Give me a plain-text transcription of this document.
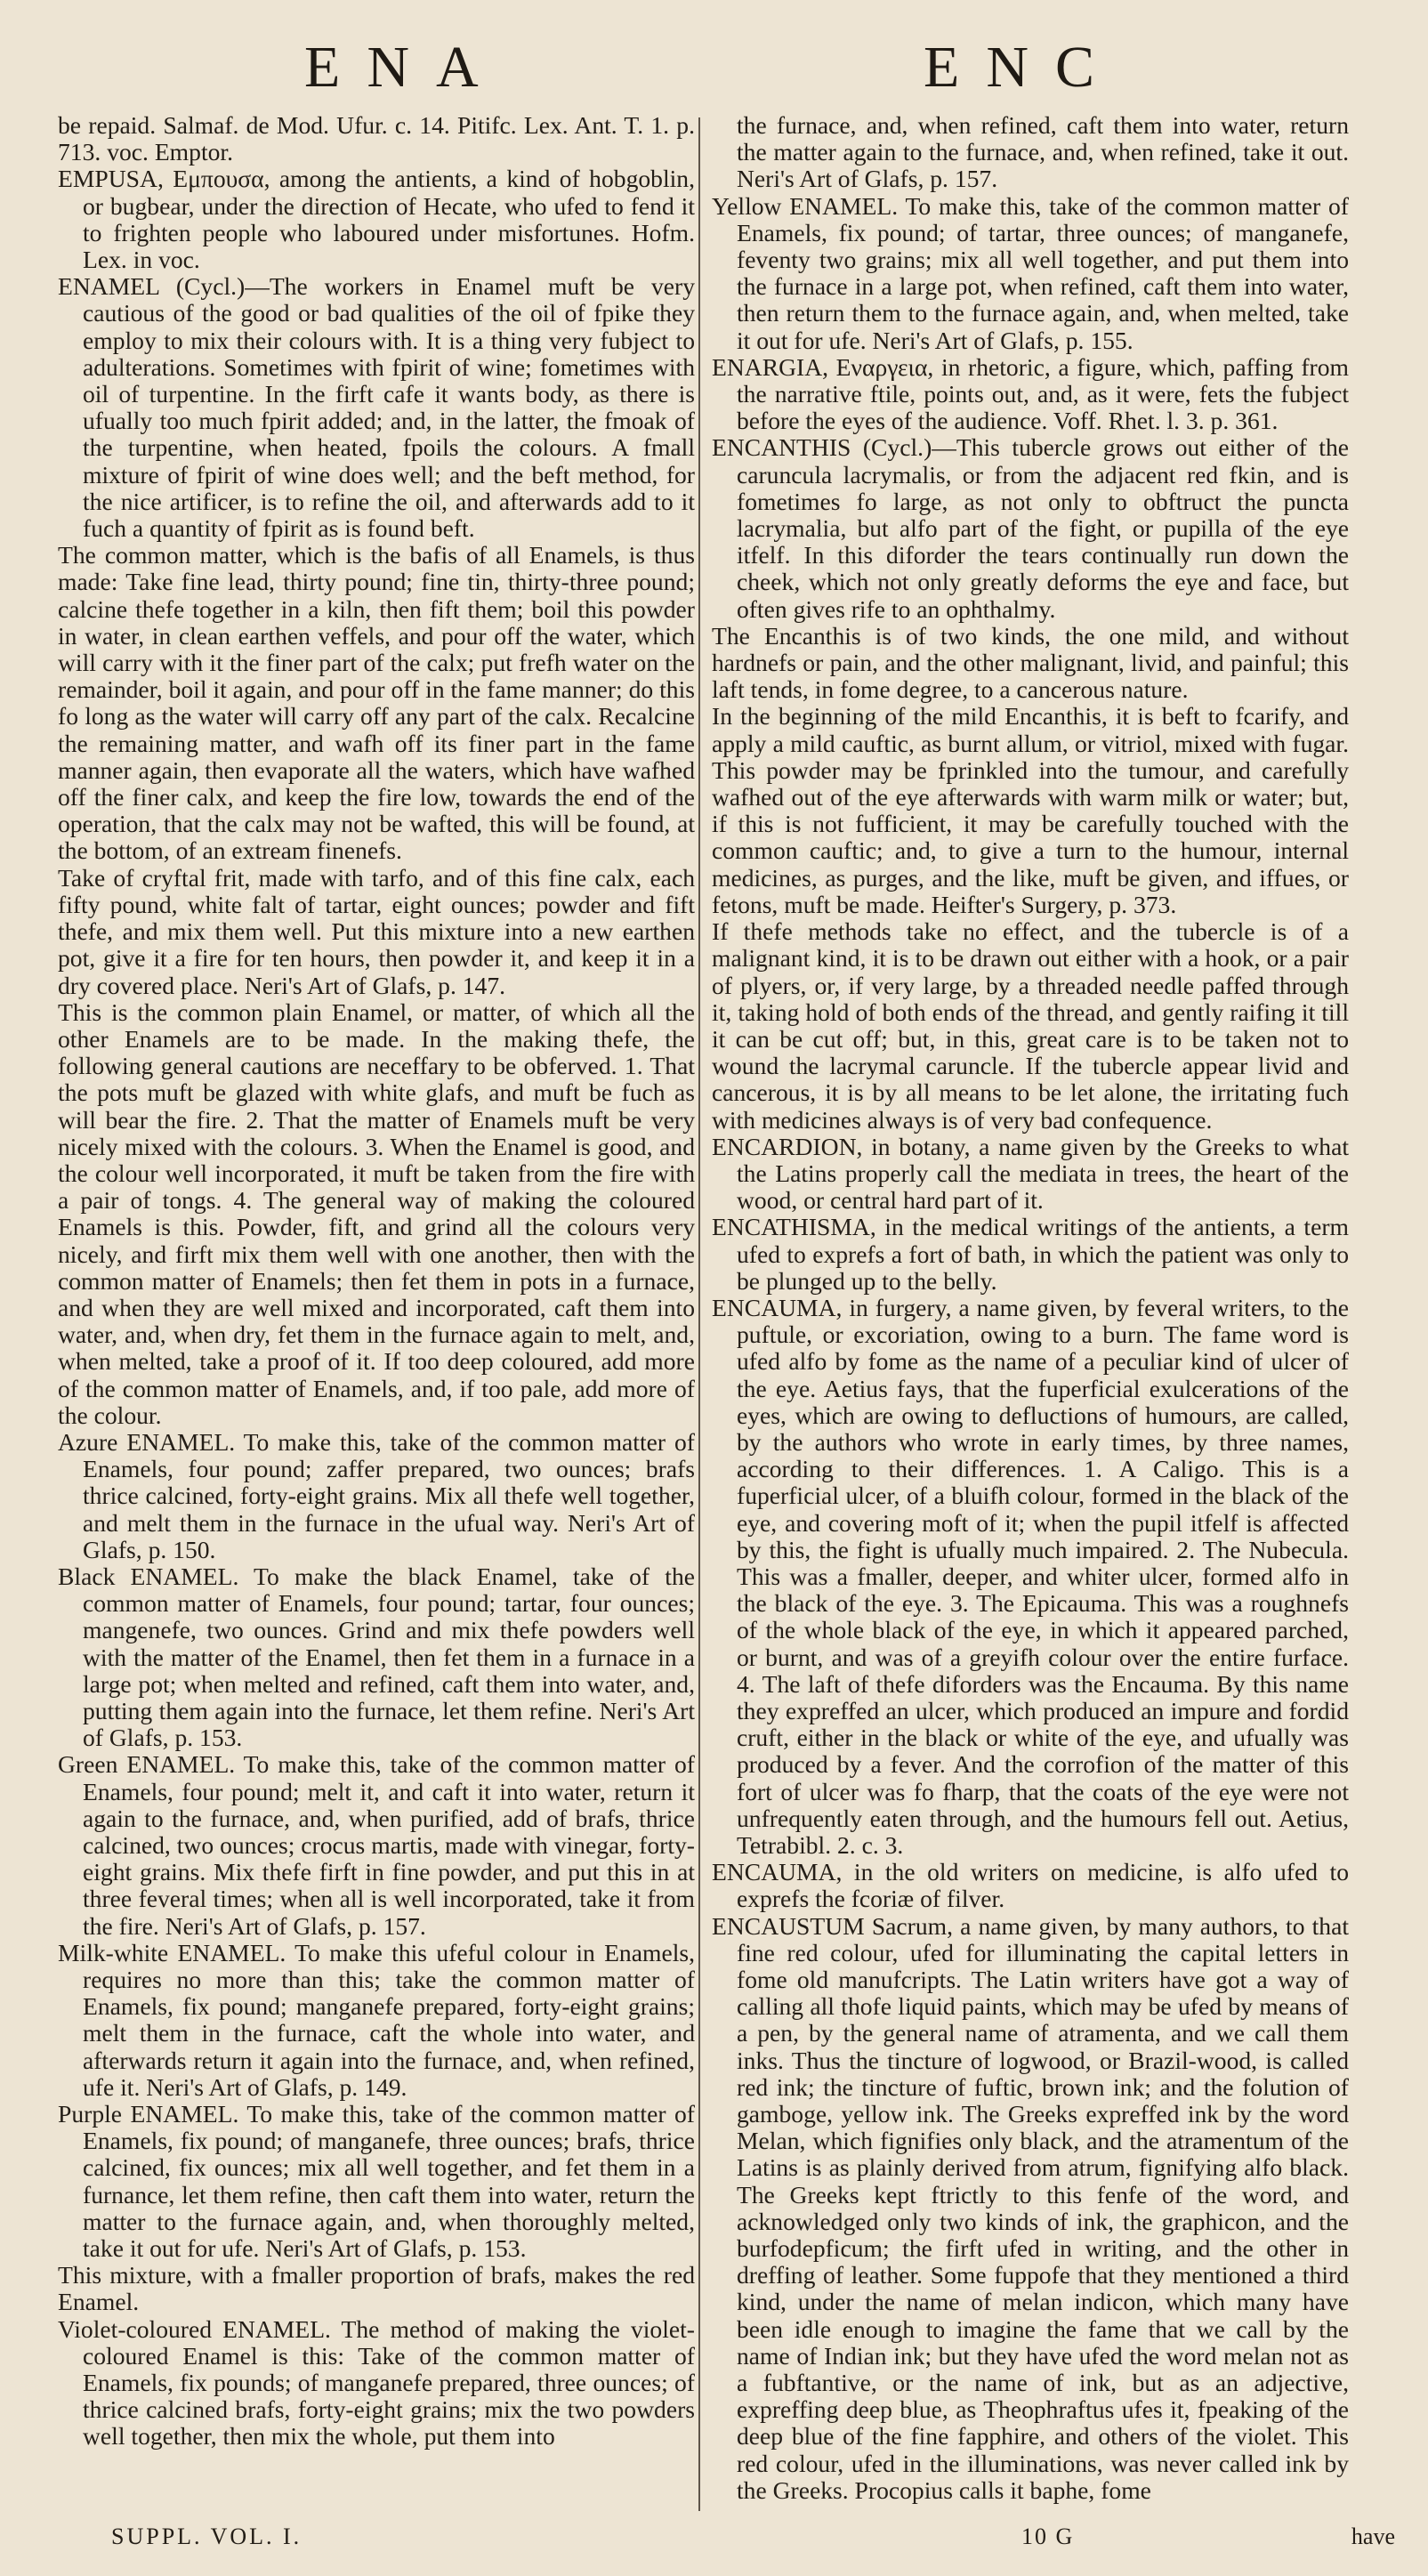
ENA	ENC

be repaid. Salmaf. de Mod. Ufur. c. 14. Pitifc. Lex. Ant. T. 1. p. 713. voc. Emptor.

EMPUSA, Εμπουσα, among the antients, a kind of hobgoblin, or bugbear, under the direction of Hecate, who ufed to fend it to frighten people who laboured under misfortunes. Hofm. Lex. in voc.

ENAMEL (Cycl.)—The workers in Enamel muft be very cautious of the good or bad qualities of the oil of fpike they employ to mix their colours with. It is a thing very fubject to adulterations. Sometimes with fpirit of wine; fometimes with oil of turpentine. In the firft cafe it wants body, as there is ufually too much fpirit added; and, in the latter, the fmoak of the turpentine, when heated, fpoils the colours. A fmall mixture of fpirit of wine does well; and the beft method, for the nice artificer, is to refine the oil, and afterwards add to it fuch a quantity of fpirit as is found beft.

The common matter, which is the bafis of all Enamels, is thus made: Take fine lead, thirty pound; fine tin, thirty-three pound; calcine thefe together in a kiln, then fift them; boil this powder in water, in clean earthen veffels, and pour off the water, which will carry with it the finer part of the calx; put frefh water on the remainder, boil it again, and pour off in the fame manner; do this fo long as the water will carry off any part of the calx. Recalcine the remaining matter, and wafh off its finer part in the fame manner again, then evaporate all the waters, which have wafhed off the finer calx, and keep the fire low, towards the end of the operation, that the calx may not be wafted, this will be found, at the bottom, of an extream finenefs.

Take of cryftal frit, made with tarfo, and of this fine calx, each fifty pound, white falt of tartar, eight ounces; powder and fift thefe, and mix them well. Put this mixture into a new earthen pot, give it a fire for ten hours, then powder it, and keep it in a dry covered place. Neri's Art of Glafs, p. 147.

This is the common plain Enamel, or matter, of which all the other Enamels are to be made. In the making thefe, the following general cautions are neceffary to be obferved. 1. That the pots muft be glazed with white glafs, and muft be fuch as will bear the fire. 2. That the matter of Enamels muft be very nicely mixed with the colours. 3. When the Enamel is good, and the colour well incorporated, it muft be taken from the fire with a pair of tongs. 4. The general way of making the coloured Enamels is this. Powder, fift, and grind all the colours very nicely, and firft mix them well with one another, then with the common matter of Enamels; then fet them in pots in a furnace, and when they are well mixed and incorporated, caft them into water, and, when dry, fet them in the furnace again to melt, and, when melted, take a proof of it. If too deep coloured, add more of the common matter of Enamels, and, if too pale, add more of the colour.

Azure ENAMEL. To make this, take of the common matter of Enamels, four pound; zaffer prepared, two ounces; brafs thrice calcined, forty-eight grains. Mix all thefe well together, and melt them in the furnace in the ufual way. Neri's Art of Glafs, p. 150.

Black ENAMEL. To make the black Enamel, take of the common matter of Enamels, four pound; tartar, four ounces; mangenefe, two ounces. Grind and mix thefe powders well with the matter of the Enamel, then fet them in a furnace in a large pot; when melted and refined, caft them into water, and, putting them again into the furnace, let them refine. Neri's Art of Glafs, p. 153.

Green ENAMEL. To make this, take of the common matter of Enamels, four pound; melt it, and caft it into water, return it again to the furnace, and, when purified, add of brafs, thrice calcined, two ounces; crocus martis, made with vinegar, forty-eight grains. Mix thefe firft in fine powder, and put this in at three feveral times; when all is well incorporated, take it from the fire. Neri's Art of Glafs, p. 157.

Milk-white ENAMEL. To make this ufeful colour in Enamels, requires no more than this; take the common matter of Enamels, fix pound; manganefe prepared, forty-eight grains; melt them in the furnace, caft the whole into water, and afterwards return it again into the furnace, and, when refined, ufe it. Neri's Art of Glafs, p. 149.

Purple ENAMEL. To make this, take of the common matter of Enamels, fix pound; of manganefe, three ounces; brafs, thrice calcined, fix ounces; mix all well together, and fet them in a furnance, let them refine, then caft them into water, return the matter to the furnace again, and, when thoroughly melted, take it out for ufe. Neri's Art of Glafs, p. 153.

This mixture, with a fmaller proportion of brafs, makes the red Enamel.

Violet-coloured ENAMEL. The method of making the violet-coloured Enamel is this: Take of the common matter of Enamels, fix pounds; of manganefe prepared, three ounces; of thrice calcined brafs, forty-eight grains; mix the two powders well together, then mix the whole, put them into

the furnace, and, when refined, caft them into water, return the matter again to the furnace, and, when refined, take it out. Neri's Art of Glafs, p. 157.

Yellow ENAMEL. To make this, take of the common matter of Enamels, fix pound; of tartar, three ounces; of manganefe, feventy two grains; mix all well together, and put them into the furnace in a large pot, when refined, caft them into water, then return them to the furnace again, and, when melted, take it out for ufe. Neri's Art of Glafs, p. 155.

ENARGIA, Εναργεια, in rhetoric, a figure, which, paffing from the narrative ftile, points out, and, as it were, fets the fubject before the eyes of the audience. Voff. Rhet. l. 3. p. 361.

ENCANTHIS (Cycl.)—This tubercle grows out either of the caruncula lacrymalis, or from the adjacent red fkin, and is fometimes fo large, as not only to obftruct the puncta lacrymalia, but alfo part of the fight, or pupilla of the eye itfelf. In this diforder the tears continually run down the cheek, which not only greatly deforms the eye and face, but often gives rife to an ophthalmy.

The Encanthis is of two kinds, the one mild, and without hardnefs or pain, and the other malignant, livid, and painful; this laft tends, in fome degree, to a cancerous nature.

In the beginning of the mild Encanthis, it is beft to fcarify, and apply a mild cauftic, as burnt allum, or vitriol, mixed with fugar. This powder may be fprinkled into the tumour, and carefully wafhed out of the eye afterwards with warm milk or water; but, if this is not fufficient, it may be carefully touched with the common cauftic; and, to give a turn to the humour, internal medicines, as purges, and the like, muft be given, and iffues, or fetons, muft be made. Heifter's Surgery, p. 373.

If thefe methods take no effect, and the tubercle is of a malignant kind, it is to be drawn out either with a hook, or a pair of plyers, or, if very large, by a threaded needle paffed through it, taking hold of both ends of the thread, and gently raifing it till it can be cut off; but, in this, great care is to be taken not to wound the lacrymal caruncle. If the tubercle appear livid and cancerous, it is by all means to be let alone, the irritating fuch with medicines always is of very bad confequence.

ENCARDION, in botany, a name given by the Greeks to what the Latins properly call the mediata in trees, the heart of the wood, or central hard part of it.

ENCATHISMA, in the medical writings of the antients, a term ufed to exprefs a fort of bath, in which the patient was only to be plunged up to the belly.

ENCAUMA, in furgery, a name given, by feveral writers, to the puftule, or excoriation, owing to a burn. The fame word is ufed alfo by fome as the name of a peculiar kind of ulcer of the eye. Aetius fays, that the fuperficial exulcerations of the eyes, which are owing to defluctions of humours, are called, by the authors who wrote in early times, by three names, according to their differences. 1. A Caligo. This is a fuperficial ulcer, of a bluifh colour, formed in the black of the eye, and covering moft of it; when the pupil itfelf is affected by this, the fight is ufually much impaired. 2. The Nubecula. This was a fmaller, deeper, and whiter ulcer, formed alfo in the black of the eye. 3. The Epicauma. This was a roughnefs of the whole black of the eye, in which it appeared parched, or burnt, and was of a greyifh colour over the entire furface. 4. The laft of thefe diforders was the Encauma. By this name they expreffed an ulcer, which produced an impure and fordid cruft, either in the black or white of the eye, and ufually was produced by a fever. And the corrofion of the matter of this fort of ulcer was fo fharp, that the coats of the eye were not unfrequently eaten through, and the humours fell out. Aetius, Tetrabibl. 2. c. 3.

ENCAUMA, in the old writers on medicine, is alfo ufed to exprefs the fcoriæ of filver.

ENCAUSTUM Sacrum, a name given, by many authors, to that fine red colour, ufed for illuminating the capital letters in fome old manufcripts. The Latin writers have got a way of calling all thofe liquid paints, which may be ufed by means of a pen, by the general name of atramenta, and we call them inks. Thus the tincture of logwood, or Brazil-wood, is called red ink; the tincture of fuftic, brown ink; and the folution of gamboge, yellow ink. The Greeks expreffed ink by the word Melan, which fignifies only black, and the atramentum of the Latins is as plainly derived from atrum, fignifying alfo black. The Greeks kept ftrictly to this fenfe of the word, and acknowledged only two kinds of ink, the graphicon, and the burfodepficum; the firft ufed in writing, and the other in dreffing of leather. Some fuppofe that they mentioned a third kind, under the name of melan indicon, which many have been idle enough to imagine the fame that we call by the name of Indian ink; but they have ufed the word melan not as a fubftantive, or the name of ink, but as an adjective, expreffing deep blue, as Theophraftus ufes it, fpeaking of the deep blue of the fine fapphire, and others of the violet. This red colour, ufed in the illuminations, was never called ink by the Greeks. Procopius calls it baphe, fome

SUPPL. VOL. I.	10 G	have
